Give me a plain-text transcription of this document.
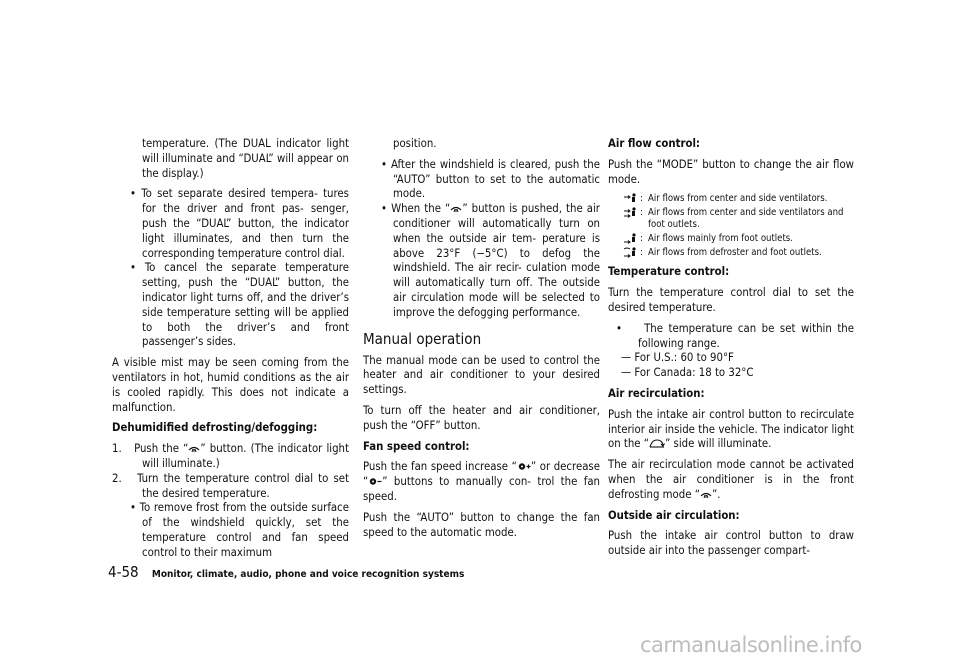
temperature. (The DUAL indicator light will illuminate and “DUAL” will appear on the display.)

• To set separate desired tempera- tures for the driver and front pas- senger, push the “DUAL” button, the indicator light illuminates, and then turn the corresponding temperature control dial.

• To cancel the separate temperature setting, push the “DUAL” button, the indicator light turns off, and the driver’s side temperature setting will be applied to both the driver’s and front passenger’s sides.

A visible mist may be seen coming from the ventilators in hot, humid conditions as the air is cooled rapidly. This does not indicate a malfunction.

Dehumidified defrosting/defogging:

1. Push the “ ” button. (The indicator light will illuminate.)

2. Turn the temperature control dial to set the desired temperature.

• To remove frost from the outside surface of the windshield quickly, set the temperature control and fan speed control to their maximum

position.

• After the windshield is cleared, push the “AUTO” button to set to the automatic mode.

• When the “ ” button is pushed, the air conditioner will automatically turn on when the outside air tem- perature is above 23°F (−5°C) to defog the windshield. The air recir- culation mode will automatically turn off. The outside air circulation mode will be selected to improve the defogging performance.

Manual operation

The manual mode can be used to control the heater and air conditioner to your desired settings.

To turn off the heater and air conditioner, push the “OFF” button.

Fan speed control:

Push the fan speed increase “ ” or decrease “ ” buttons to manually con- trol the fan speed.

Push the “AUTO” button to change the fan speed to the automatic mode.

Air flow control:

Push the “MODE” button to change the air flow mode.

: Air flows from center and side ventilators.
: Air flows from center and side ventilators and foot outlets.
: Air flows mainly from foot outlets.
: Air flows from defroster and foot outlets.

Temperature control:

Turn the temperature control dial to set the desired temperature.

•    The temperature can be set within the following range.

— For U.S.: 60 to 90°F

— For Canada: 18 to 32°C

Air recirculation:

Push the intake air control button to recirculate interior air inside the vehicle. The indicator light on the “ ” side will illuminate.

The air recirculation mode cannot be activated when the air conditioner is in the front defrosting mode “ ”.

Outside air circulation:

Push the intake air control button to draw outside air into the passenger compart-

4-58 Monitor, climate, audio, phone and voice recognition systems
carmanualsonline.info
